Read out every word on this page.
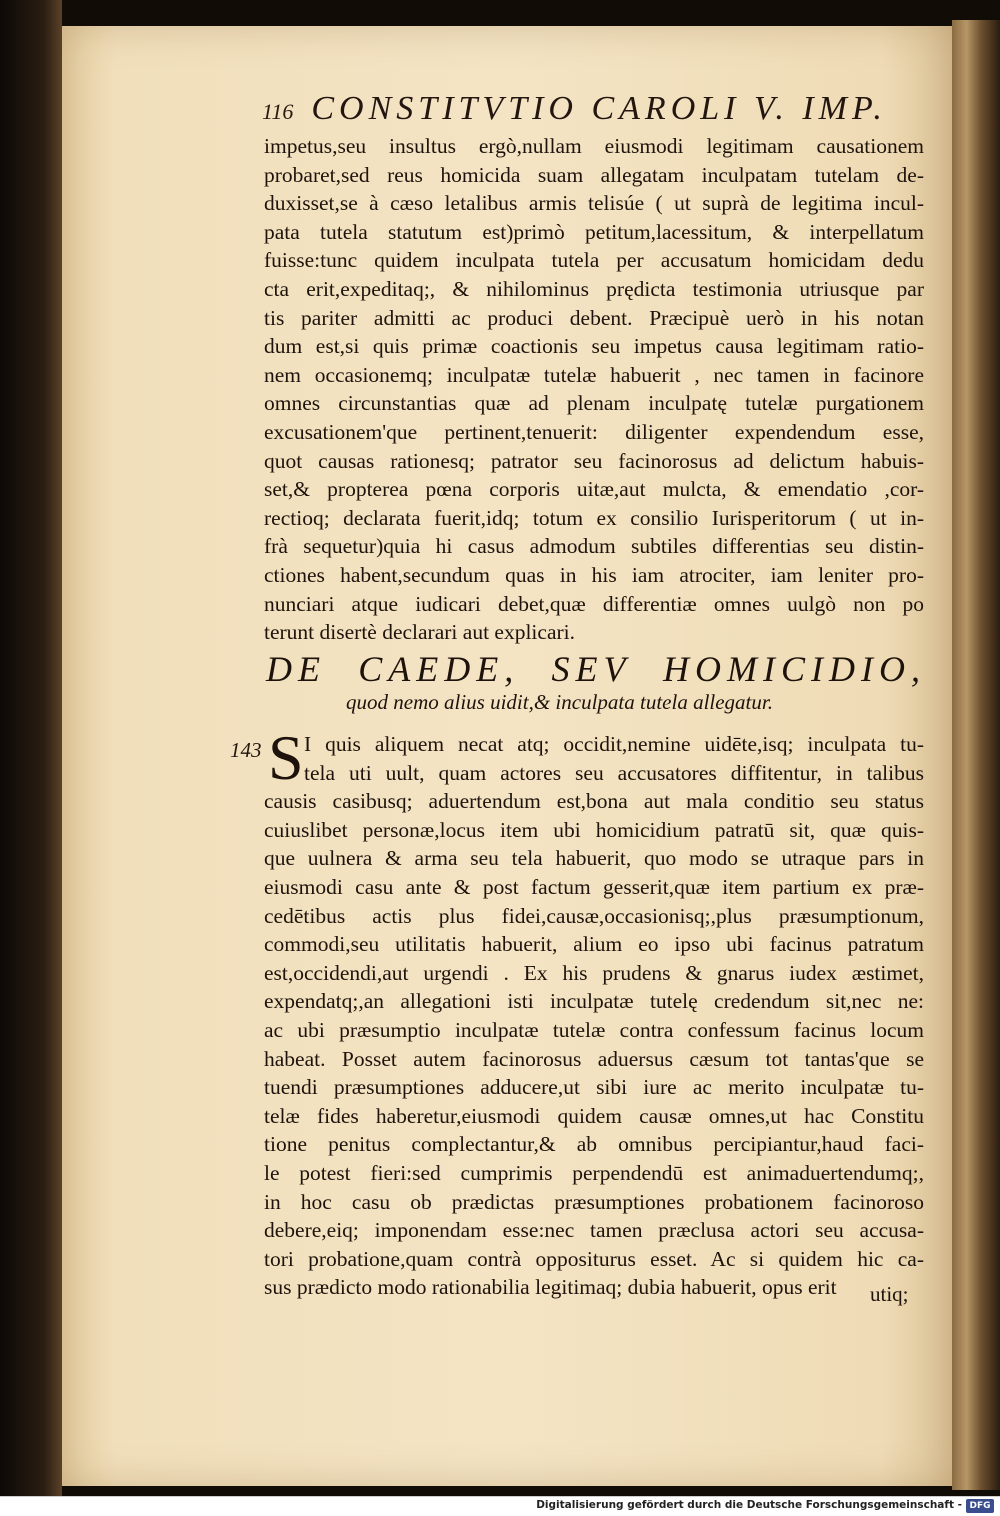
116 CONSTITVTIO CAROLI V. IMP.
impetus,seu insultus ergò,nullam eiusmodi legitimam causationem
probaret,sed reus homicida suam allegatam inculpatam tutelam de-
duxisset,se à cæso letalibus armis telisúe ( ut suprà de legitima incul-
pata tutela statutum est)primò petitum,lacessitum, & interpellatum
fuisse:tunc quidem inculpata tutela per accusatum homicidam dedu
cta erit,expeditaq;, & nihilominus prędicta testimonia utriusque par
tis pariter admitti ac produci debent. Præcipuè uerò in his notan
dum est,si quis primæ coactionis seu impetus causa legitimam ratio-
nem occasionemq; inculpatæ tutelæ habuerit , nec tamen in facinore
omnes circunstantias quæ ad plenam inculpatę tutelæ purgationem
excusationem'que pertinent,tenuerit: diligenter expendendum esse,
quot causas rationesq; patrator seu facinorosus ad delictum habuis-
set,& propterea pœna corporis uitæ,aut mulcta, & emendatio ,cor-
rectioq; declarata fuerit,idq; totum ex consilio Iurisperitorum ( ut in-
frà sequetur)quia hi casus admodum subtiles differentias seu distin-
ctiones habent,secundum quas in his iam atrociter, iam leniter pro-
nunciari atque iudicari debet,quæ differentiæ omnes uulgò non po
terunt disertè declarari aut explicari.
DE CAEDE, SEV HOMICIDIO,
quod nemo alius uidit,& inculpata tutela allegatur.
143 S I quis aliquem necat atq; occidit,nemine uidēte,isq; inculpata tu-
tela uti uult, quam actores seu accusatores diffitentur, in talibus
causis casibusq; aduertendum est,bona aut mala conditio seu status
cuiuslibet personæ,locus item ubi homicidium patratū sit, quæ quis-
que uulnera & arma seu tela habuerit, quo modo se utraque pars in
eiusmodi casu ante & post factum gesserit,quæ item partium ex præ-
cedētibus actis plus fidei,causæ,occasionisq;,plus præsumptionum,
commodi,seu utilitatis habuerit, alium eo ipso ubi facinus patratum
est,occidendi,aut urgendi . Ex his prudens & gnarus iudex æstimet,
expendatq;,an allegationi isti inculpatæ tutelę credendum sit,nec ne:
ac ubi præsumptio inculpatæ tutelæ contra confessum facinus locum
habeat. Posset autem facinorosus aduersus cæsum tot tantas'que se
tuendi præsumptiones adducere,ut sibi iure ac merito inculpatæ tu-
telæ fides haberetur,eiusmodi quidem causæ omnes,ut hac Constitu
tione penitus complectantur,& ab omnibus percipiantur,haud faci-
le potest fieri:sed cumprimis perpendendū est animaduertendumq;,
in hoc casu ob prædictas præsumptiones probationem facinoroso
debere,eiq; imponendam esse:nec tamen præclusa actori seu accusa-
tori probatione,quam contrà oppositurus esset. Ac si quidem hic ca-
sus prædicto modo rationabilia legitimaq; dubia habuerit, opus erit	utiq;
Digitalisierung gefördert durch die Deutsche Forschungsgemeinschaft - DFG
